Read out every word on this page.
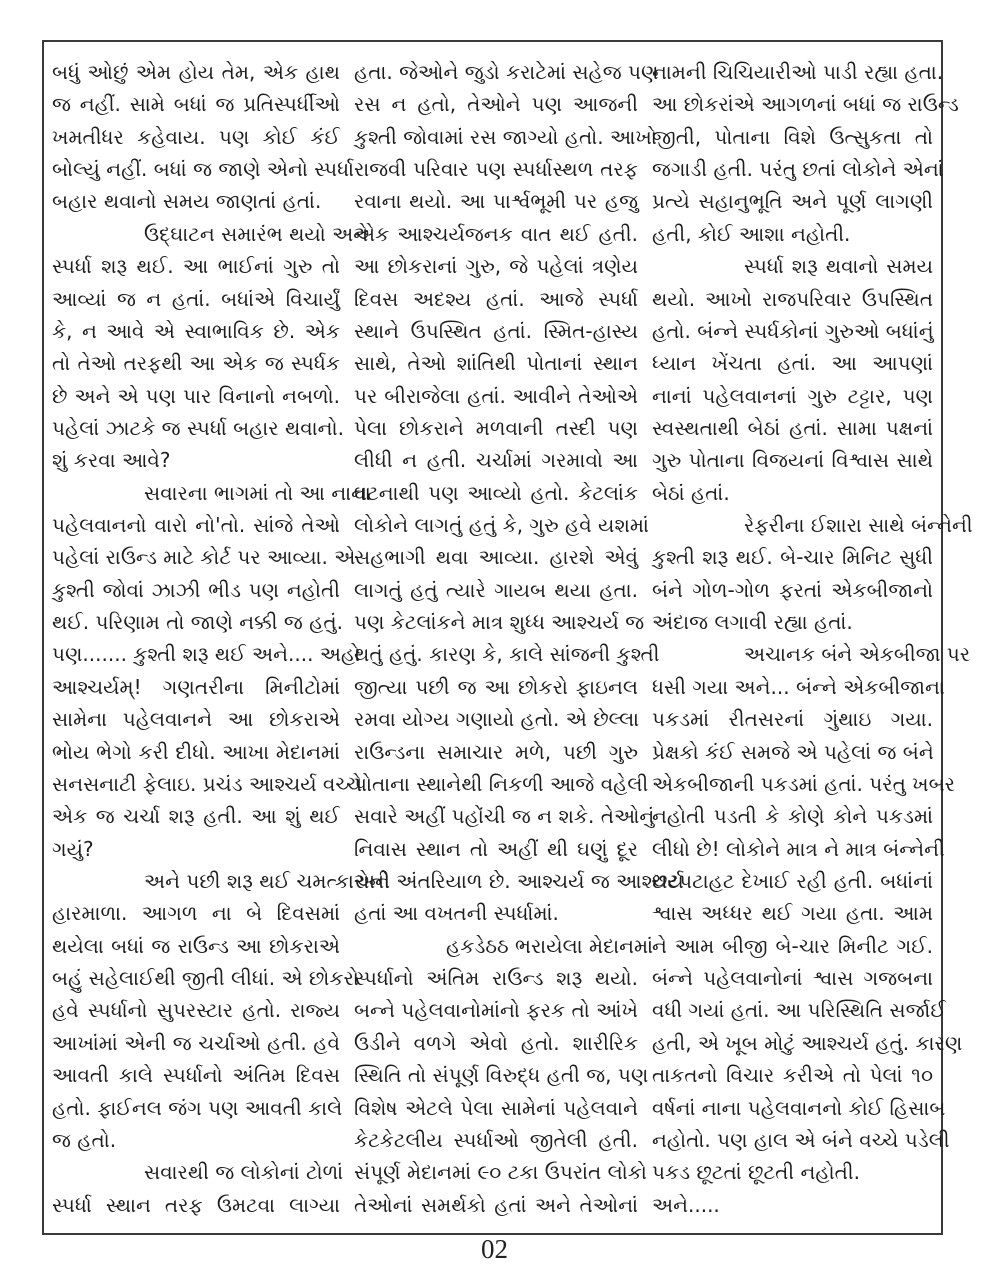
બધું ઓછું એમ હોય તેમ, એક હાથ
જ નહીં. સામે બધાં જ પ્રતિસ્પર્ધીઓ
ખમતીધર કહેવાય. પણ કોઈ કંઈ
બોલ્યું નહીં. બધાં જ જાણે એનો સ્પર્ધા
બહાર થવાનો સમય જાણતાં હતાં.
ઉદ્ઘાટન સમારંભ થયો અને
સ્પર્ધા શરૂ થઈ. આ ભાઈનાં ગુરુ તો
આવ્યાં જ ન હતાં. બધાંએ વિચાર્યું
કે, ન આવે એ સ્વાભાવિક છે. એક
તો તેઓ તરફથી આ એક જ સ્પર્ધક
છે અને એ પણ પાર વિનાનો નબળો.
પહેલાં ઝાટકે જ સ્પર્ધા બહાર થવાનો.
શું કરવા આવે?
સવારના ભાગમાં તો આ નાના
પહેલવાનનો વારો નો'તો. સાંજે તેઓ
પહેલાં રાઉન્ડ માટે કોર્ટ પર આવ્યા. એ
કુશ્તી જોવાં ઝાઝી ભીડ પણ નહોતી
થઈ. પરિણામ તો જાણે નક્કી જ હતું.
પણ....... કુશ્તી શરૂ થઈ અને.... અહો
આશ્ચર્યમ્! ગણતરીના મિનીટોમાં
સામેના પહેલવાનને આ છોકરાએ
ભોય ભેગો કરી દીધો. આખા મેદાનમાં
સનસનાટી ફેલાઇ. પ્રચંડ આશ્ચર્ય વચ્ચે
એક જ ચર્ચા શરૂ હતી. આ શું થઈ
ગયું?
અને પછી શરૂ થઈ ચમત્કારોની
હારમાળા. આગળ ના બે દિવસમાં
થયેલા બધાં જ રાઉન્ડ આ છોકરાએ
બહું સહેલાઈથી જીતી લીધાં. એ છોકરો
હવે સ્પર્ધાનો સુપરસ્ટાર હતો. રાજ્ય
આખાંમાં એની જ ચર્ચાઓ હતી. હવે
આવતી કાલે સ્પર્ધાનો અંતિમ દિવસ
હતો. ફાઈનલ જંગ પણ આવતી કાલે
જ હતો.
સવારથી જ લોકોનાં ટોળાં
સ્પર્ધા સ્થાન તરફ ઉમટવા લાગ્યા
હતા. જેઓને જુડો કરાટેમાં સહેજ પણ
રસ ન હતો, તેઓને પણ આજની
કુશ્તી જોવામાં રસ જાગ્યો હતો. આખો
રાજવી પરિવાર પણ સ્પર્ધાસ્થળ તરફ
રવાના થયો. આ પાર્શ્વભૂમી પર હજુ
એક આશ્ચર્યજનક વાત થઈ હતી.
આ છોકરાનાં ગુરુ, જે પહેલાં ત્રણેય
દિવસ અદશ્ય હતાં. આજે સ્પર્ધા
સ્થાને ઉપસ્થિત હતાં. સ્મિત-હાસ્ય
સાથે, તેઓ શાંતિથી પોતાનાં સ્થાન
પર બીરાજેલા હતાં. આવીને તેઓએ
પેલા છોકરાને મળવાની તસ્દી પણ
લીધી ન હતી. ચર્ચામાં ગરમાવો આ
ઘટનાથી પણ આવ્યો હતો. કેટલાંક
લોકોને લાગતું હતું કે, ગુરુ હવે યશમાં
સહભાગી થવા આવ્યા. હારશે એવું
લાગતું હતું ત્યારે ગાયબ થયા હતા.
પણ કેટલાંકને માત્ર શુધ્ધ આશ્ચર્ય જ
થતું હતું. કારણ કે, કાલે સાંજની કુશ્તી
જીત્યા પછી જ આ છોકરો ફાઇનલ
રમવા યોગ્ય ગણાયો હતો. એ છેલ્લા
રાઉન્ડના સમાચાર મળે, પછી ગુરુ
પોતાના સ્થાનેથી નિકળી આજે વહેલી
સવારે અહીં પહોંચી જ ન શકે. તેઓનું
નિવાસ સ્થાન તો અહીં થી ઘણું દૂર
અને અંતરિયાળ છે. આશ્ચર્ય જ આશ્ચર્ય
હતાં આ વખતની સ્પર્ધામાં.
હકડેઠઠ ભરાયેલા મેદાનમાં
સ્પર્ધાનો અંતિમ રાઉન્ડ શરૂ થયો.
બન્ને પહેલવાનોમાંનો ફરક તો આંખે
ઉડીને વળગે એવો હતો. શારીરિક
સ્થિતિ તો સંપૂર્ણ વિરુદ્ધ હતી જ, પણ
વિશેષ એટલે પેલા સામેનાં પહેલવાને
કેટકેટલીય સ્પર્ધાઓ જીતેલી હતી.
સંપૂર્ણ મેદાનમાં ૯૦ ટકા ઉપરાંત લોકો
તેઓનાં સમર્થકો હતાં અને તેઓનાં
નામની ચિચિયારીઓ પાડી રહ્યા હતા.
આ છોકરાંએ આગળનાં બધાં જ રાઉન્ડ
જીતી, પોતાના વિશે ઉત્સુકતા તો
જગાડી હતી. પરંતુ છતાં લોકોને એનાં
પ્રત્યે સહાનુભૂતિ અને પૂર્ણ લાગણી
હતી, કોઈ આશા નહોતી.
સ્પર્ધા શરૂ થવાનો સમય
થયો. આખો રાજપરિવાર ઉપસ્થિત
હતો. બંન્ને સ્પર્ધકોનાં ગુરુઓ બધાંનું
ધ્યાન ખેંચતા હતાં. આ આપણાં
નાનાં પહેલવાનનાં ગુરુ ટટ્ટાર, પણ
સ્વસ્થતાથી બેઠાં હતાં. સામા પક્ષનાં
ગુરુ પોતાના વિજયનાં વિશ્વાસ સાથે
બેઠાં હતાં.
રેફરીના ઈશારા સાથે બંન્નેની
કુશ્તી શરૂ થઈ. બે-ચાર મિનિટ સુધી
બંને ગોળ-ગોળ ફરતાં એકબીજાનો
અંદાજ લગાવી રહ્યા હતાં.
અચાનક બંને એકબીજા પર
ધસી ગયા અને... બંન્ને એકબીજાના
પકડમાં રીતસરનાં ગુંથાઇ ગયા.
પ્રેક્ષકો કંઈ સમજે એ પહેલાં જ બંને
એકબીજાની પકડમાં હતાં. પરંતુ ખબર
નહોતી પડતી કે કોણે કોને પકડમાં
લીધો છે! લોકોને માત્ર ને માત્ર બંન્નેની
છટપટાહટ દેખાઈ રહી હતી. બધાંનાં
શ્વાસ અધ્ધર થઈ ગયા હતા. આમ
ને આમ બીજી બે-ચાર મિનીટ ગઈ.
બંન્ને પહેલવાનોનાં શ્વાસ ગજબના
વધી ગયાં હતાં. આ પરિસ્થિતિ સર્જાઈ
હતી, એ ખૂબ મોટું આશ્ચર્ય હતું. કારણ
તાકતનો વિચાર કરીએ તો પેલાં ૧૦
વર્ષનાં નાના પહેલવાનનો કોઈ હિસાબ
નહોતો. પણ હાલ એ બંને વચ્ચે પડેલી
પકડ છૂટતાં છૂટતી નહોતી.
અને.....
02
